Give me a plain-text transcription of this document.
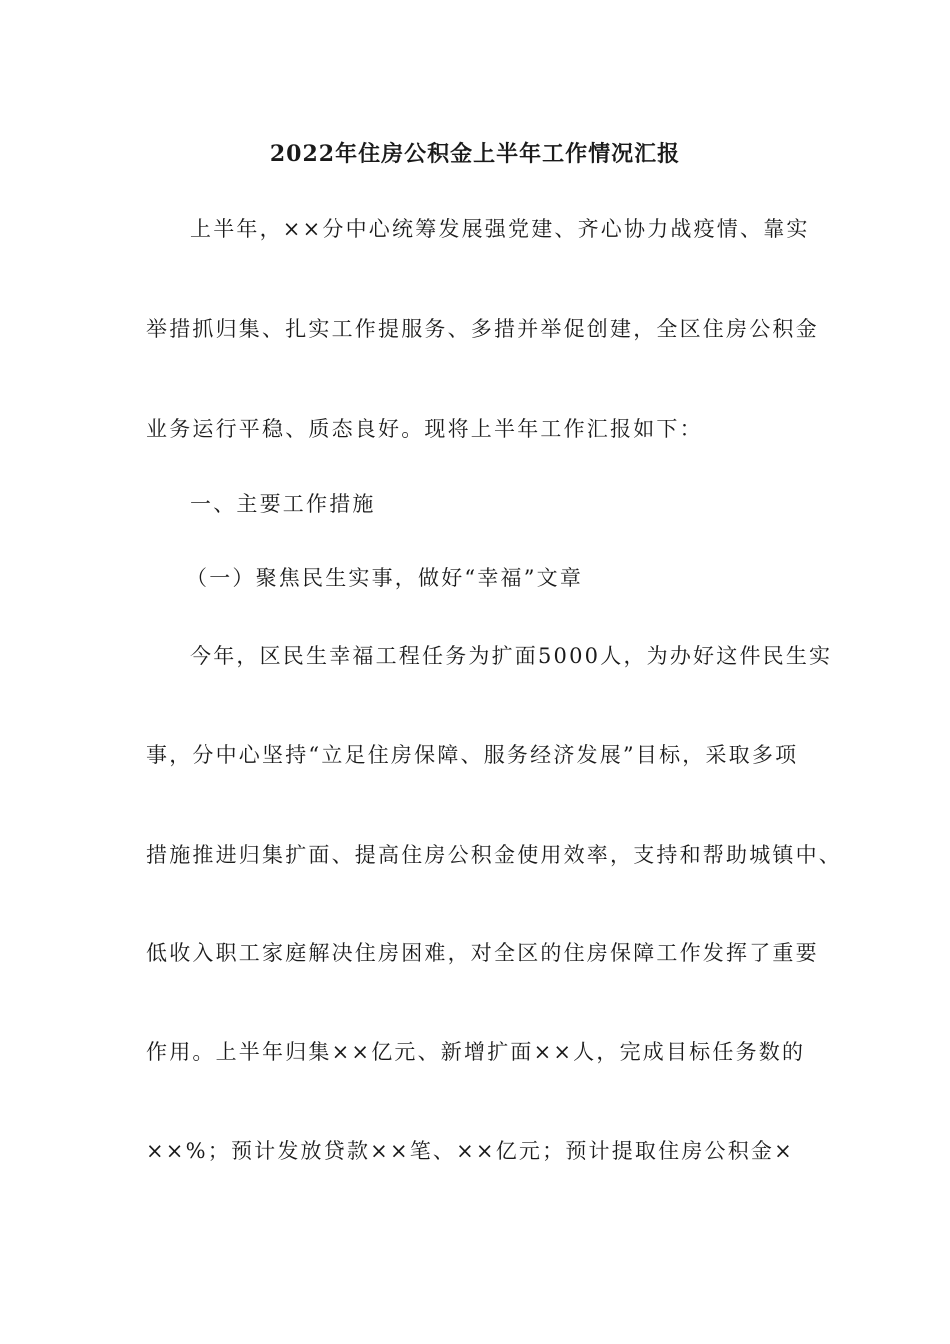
2022年住房公积金上半年工作情况汇报
上半年，××分中心统筹发展强党建、齐心协力战疫情、靠实
举措抓归集、扎实工作提服务、多措并举促创建，全区住房公积金
业务运行平稳、质态良好。现将上半年工作汇报如下：
一、主要工作措施
（一）聚焦民生实事，做好“幸福”文章
今年，区民生幸福工程任务为扩面5000人，为办好这件民生实
事，分中心坚持“立足住房保障、服务经济发展”目标，采取多项
措施推进归集扩面、提高住房公积金使用效率，支持和帮助城镇中、
低收入职工家庭解决住房困难，对全区的住房保障工作发挥了重要
作用。上半年归集××亿元、新增扩面××人，完成目标任务数的
××%；预计发放贷款××笔、××亿元；预计提取住房公积金×
